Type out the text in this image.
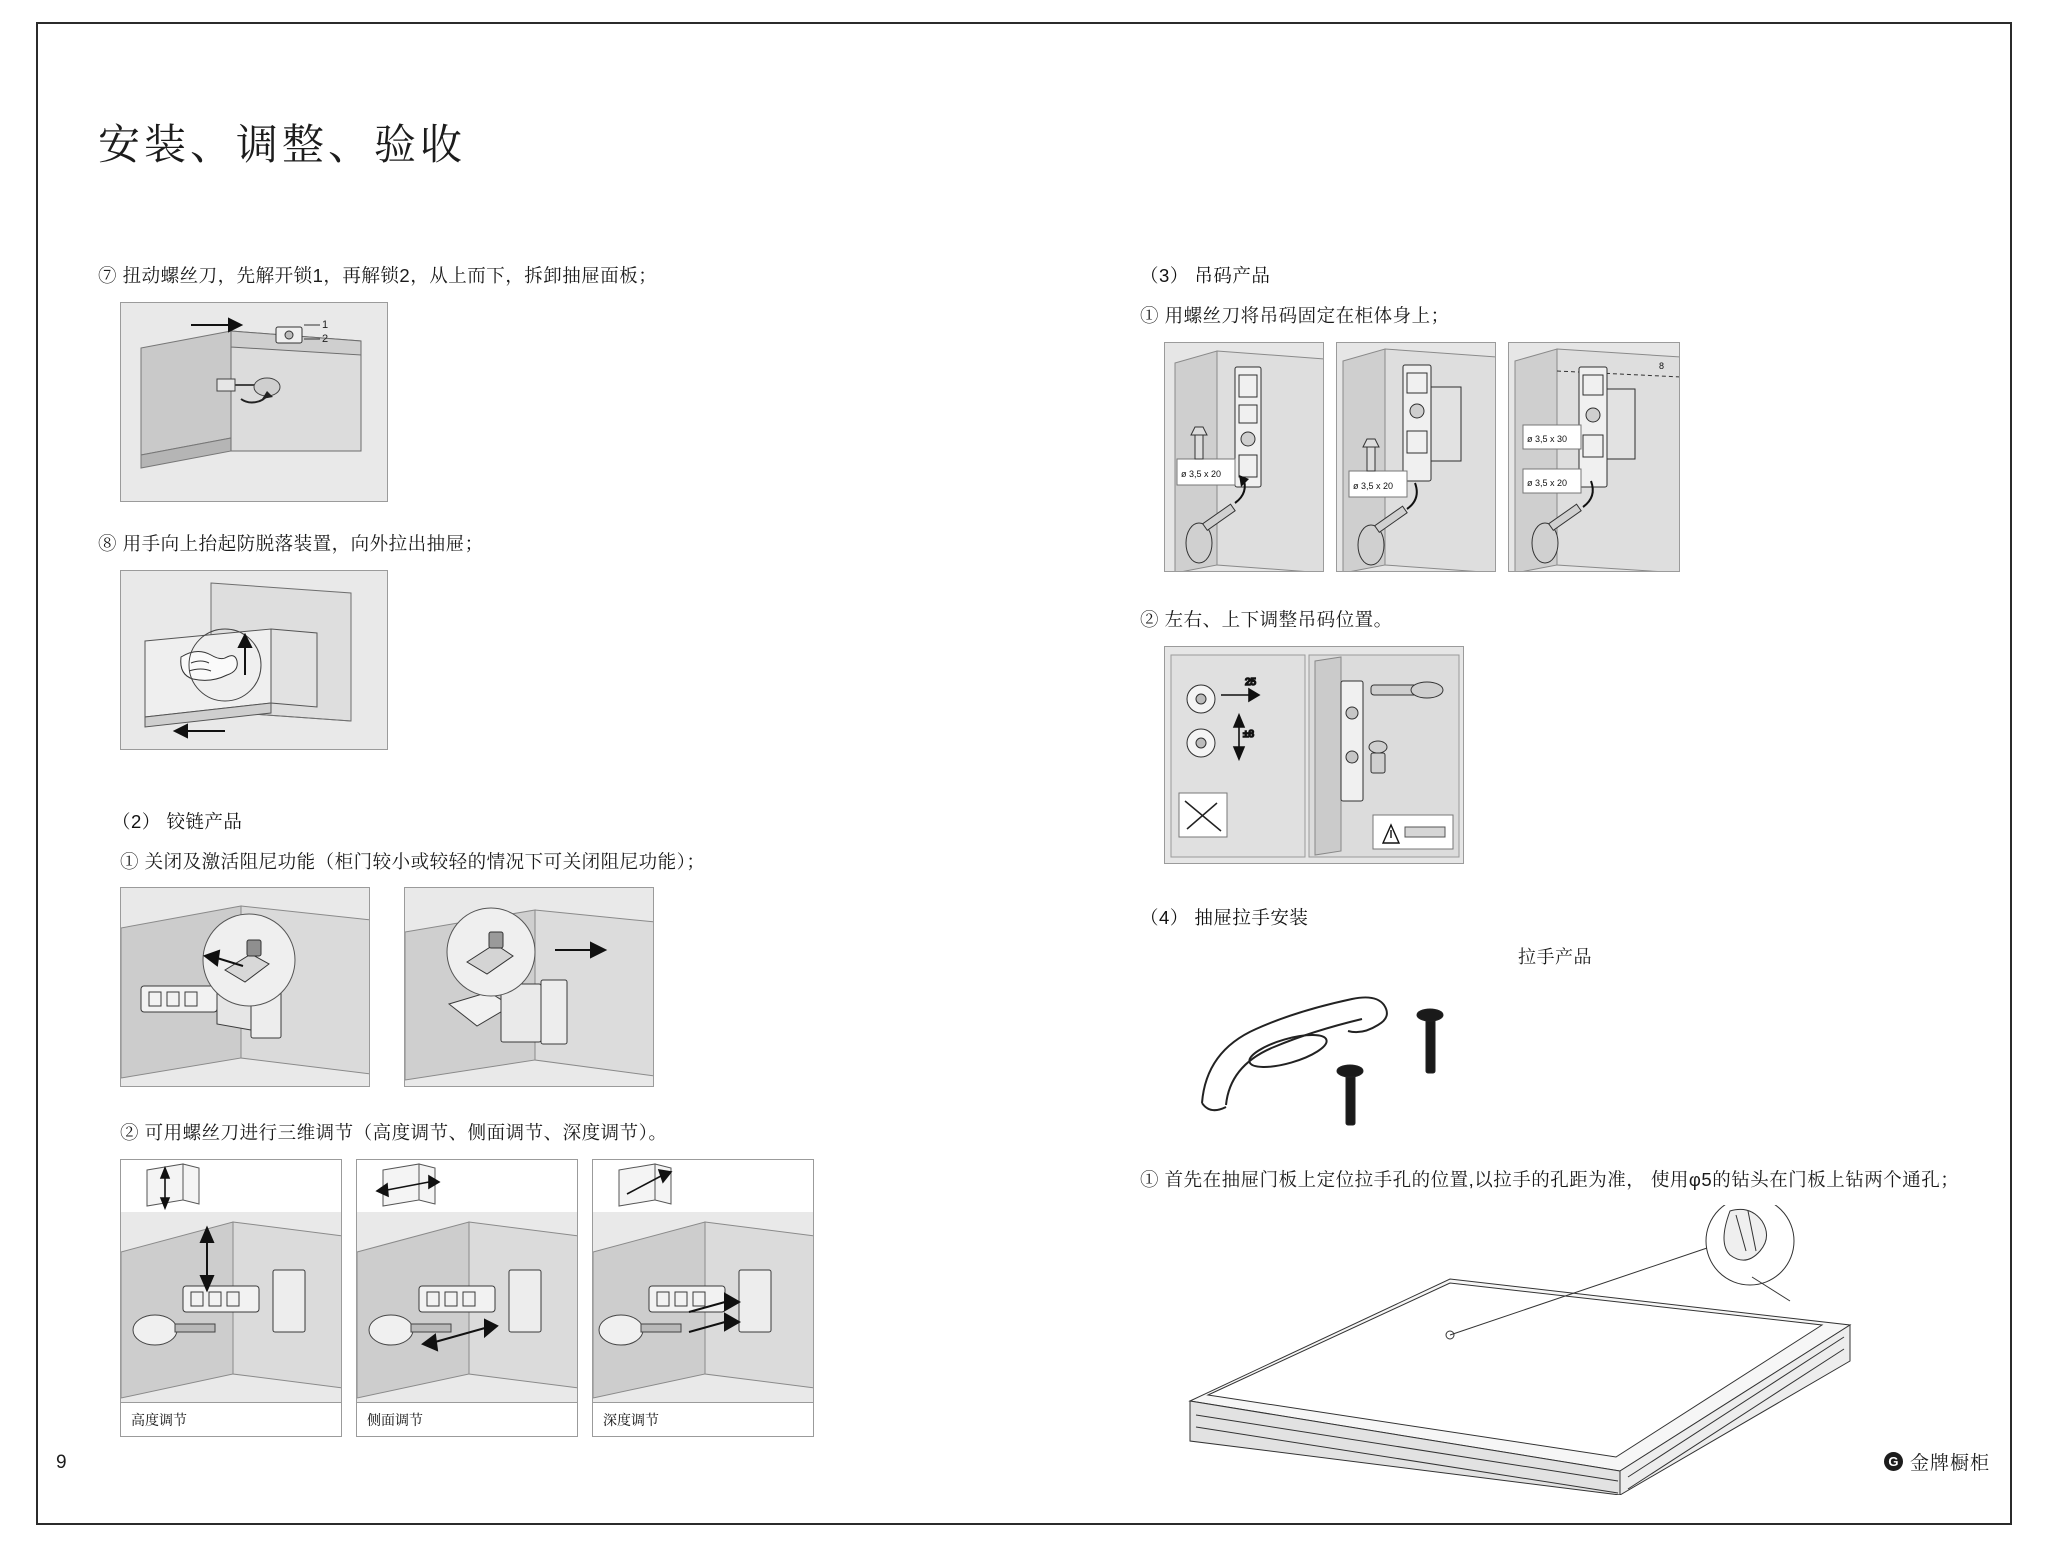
安装、调整、验收

⑦ 扭动螺丝刀，先解开锁1，再解锁2，从上而下，拆卸抽屉面板；

1
2

⑧ 用手向上抬起防脱落装置，向外拉出抽屉；

（2） 铰链产品

① 关闭及激活阻尼功能（柜门较小或较轻的情况下可关闭阻尼功能）；

② 可用螺丝刀进行三维调节（高度调节、侧面调节、深度调节）。

高度调节	侧面调节	深度调节

（3） 吊码产品

① 用螺丝刀将吊码固定在柜体身上；

ø 3,5 x 20
ø 3,5 x 20
8
ø 3,5 x 30
ø 3,5 x 20

② 左右、上下调整吊码位置。

25
±8

（4） 抽屉拉手安装

拉手产品

① 首先在抽屉门板上定位拉手孔的位置,以拉手的孔距为准， 使用φ5的钻头在门板上钻两个通孔；

9	G 金牌橱柜
